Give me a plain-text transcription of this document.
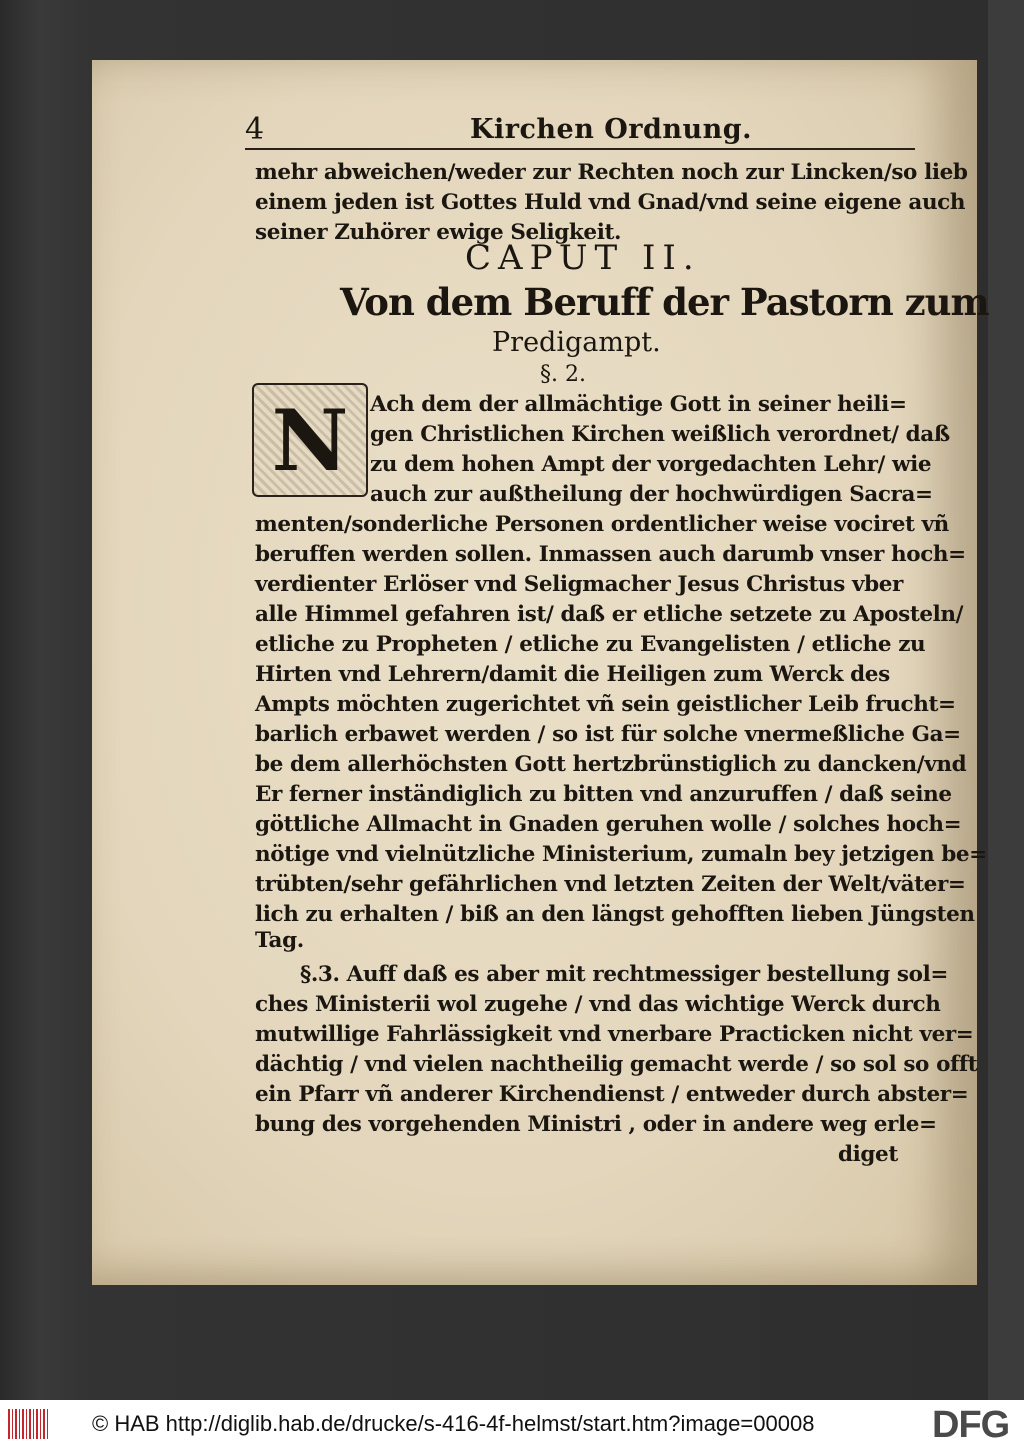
4	Kirchen Ordnung.
mehr abweichen/weder zur Rechten noch zur Lincken/so lieb
einem jeden ist Gottes Huld vnd Gnad/vnd seine eigene auch
seiner Zuhörer ewige Seligkeit.
CAPUT II.
Von dem Beruff der Pastorn zum
Predigampt.
§. 2.
N	Ach dem der allmächtige Gott in seiner heili=
gen Christlichen Kirchen weißlich verordnet/ daß
zu dem hohen Ampt der vorgedachten Lehr/ wie
auch zur außtheilung der hochwürdigen Sacra=
menten/sonderliche Personen ordentlicher weise vociret vñ
beruffen werden sollen. Inmassen auch darumb vnser hoch=
verdienter Erlöser vnd Seligmacher Jesus Christus vber
alle Himmel gefahren ist/ daß er etliche setzete zu Aposteln/
etliche zu Propheten / etliche zu Evangelisten / etliche zu
Hirten vnd Lehrern/damit die Heiligen zum Werck des
Ampts möchten zugerichtet vñ sein geistlicher Leib frucht=
barlich erbawet werden / so ist für solche vnermeßliche Ga=
be dem allerhöchsten Gott hertzbrünstiglich zu dancken/vnd
Er ferner inständiglich zu bitten vnd anzuruffen / daß seine
göttliche Allmacht in Gnaden geruhen wolle / solches hoch=
nötige vnd vielnützliche Ministerium, zumaln bey jetzigen be=
trübten/sehr gefährlichen vnd letzten Zeiten der Welt/väter=
lich zu erhalten / biß an den längst gehofften lieben Jüngsten
Tag.
§.3. Auff daß es aber mit rechtmessiger bestellung sol=
ches Ministerii wol zugehe / vnd das wichtige Werck durch
mutwillige Fahrlässigkeit vnd vnerbare Practicken nicht ver=
dächtig / vnd vielen nachtheilig gemacht werde / so sol so offt
ein Pfarr vñ anderer Kirchendienst / entweder durch abster=
bung des vorgehenden Ministri , oder in andere weg erle=
diget
© HAB http://diglib.hab.de/drucke/s-416-4f-helmst/start.htm?image=00008	DFG
